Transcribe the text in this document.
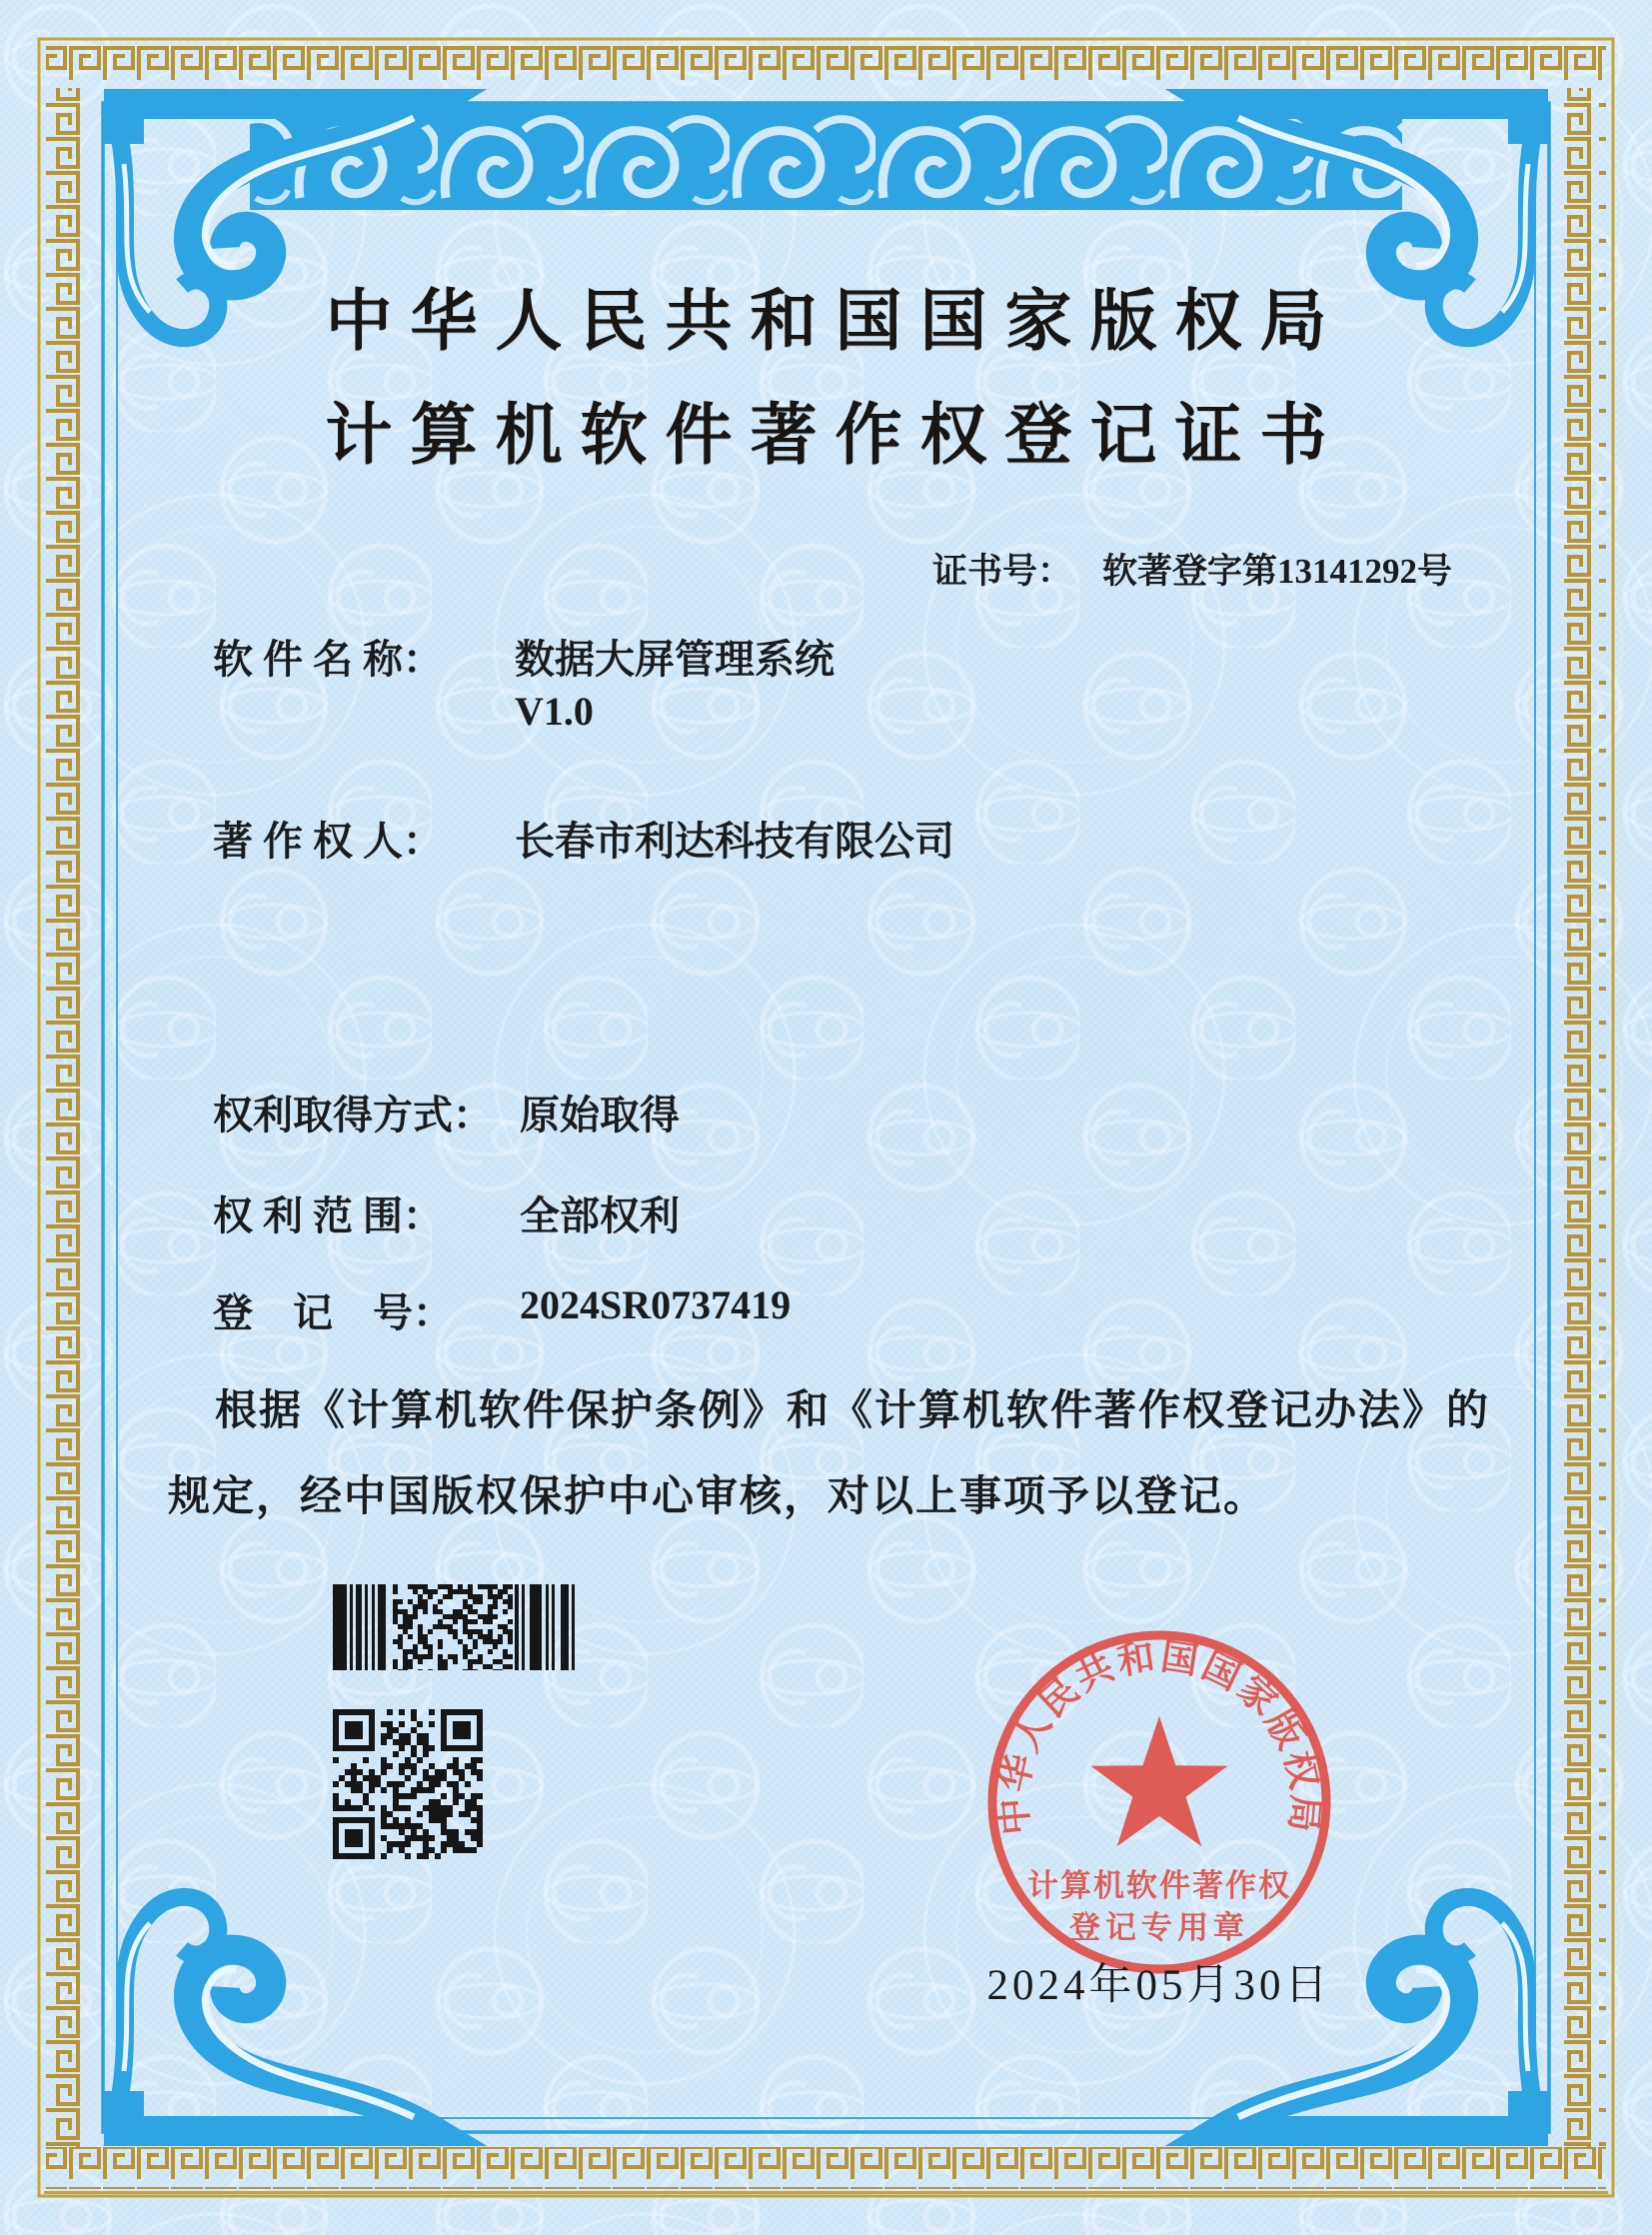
中华人民共和国国家版权局
计算机软件著作权登记证书
证书号： 软著登字第13141292号
软 件 名 称： 数据大屏管理系统
V1.0
著 作 权 人： 长春市利达科技有限公司
权利取得方式： 原始取得
权 利 范 围： 全部权利
登　记　号： 2024SR0737419
根据《计算机软件保护条例》和《计算机软件著作权登记办法》的
规定，经中国版权保护中心审核，对以上事项予以登记。
中华人民共和国国家版权局
计算机软件著作权
登记专用章
2024年05月30日
